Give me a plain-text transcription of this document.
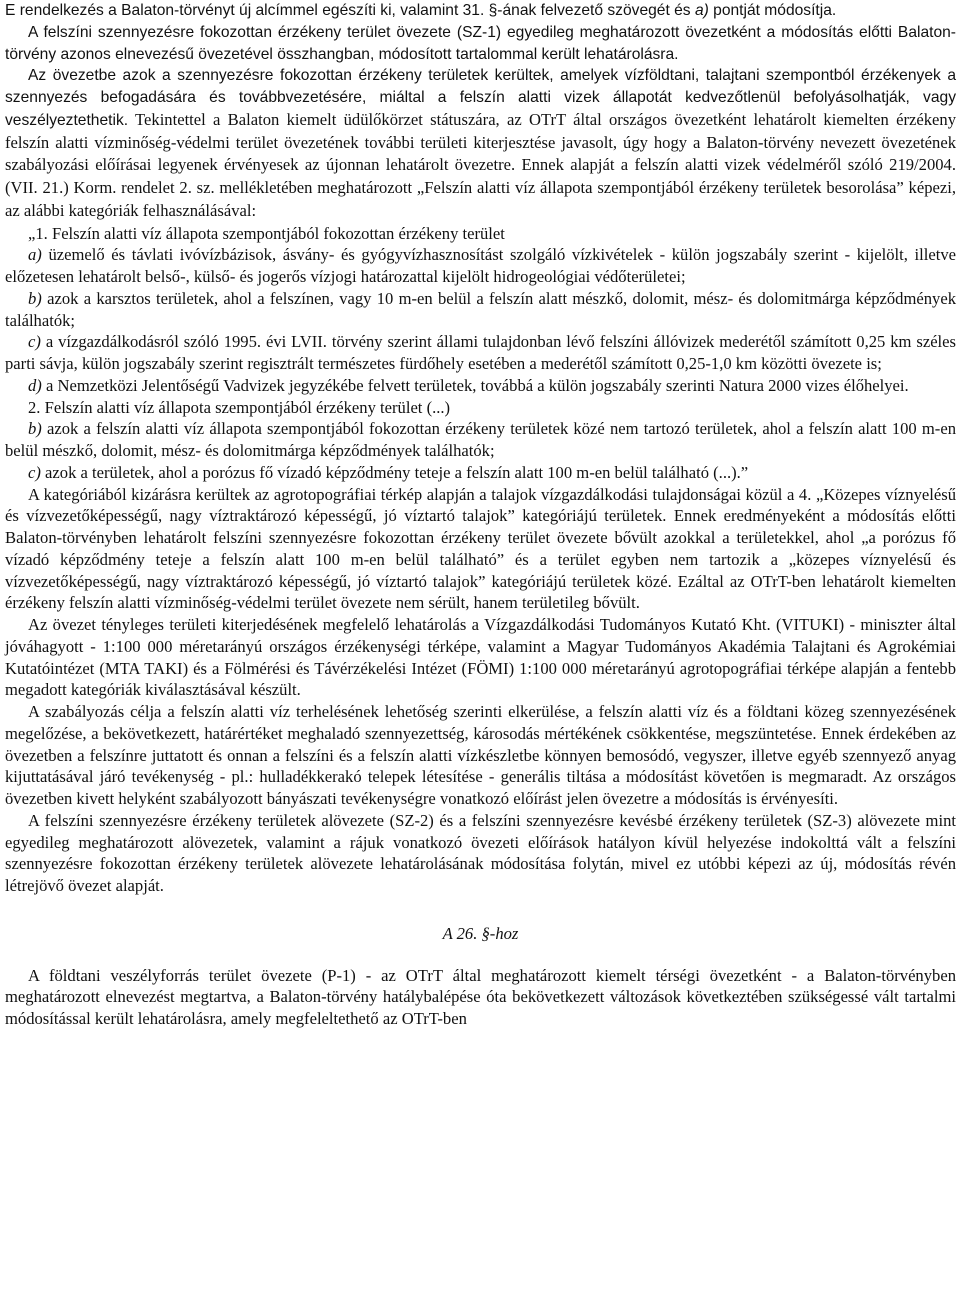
E rendelkezés a Balaton-törvényt új alcímmel egészíti ki, valamint 31. §-ának felvezető szövegét és a) pontját módosítja.

A felszíni szennyezésre fokozottan érzékeny terület övezete (SZ-1) egyedileg meghatározott övezetként a módosítás előtti Balaton-törvény azonos elnevezésű övezetével összhangban, módosított tartalommal került lehatárolásra.

Az övezetbe azok a szennyezésre fokozottan érzékeny területek kerültek, amelyek vízföldtani, talajtani szempontból érzékenyek a szennyezés befogadására és továbbvezetésére, miáltal a felszín alatti vizek állapotát kedvezőtlenül befolyásolhatják, vagy veszélyeztethetik. Tekintettel a Balaton kiemelt üdülőkörzet státuszára, az OTrT által országos övezetként lehatárolt kiemelten érzékeny felszín alatti vízminőség-védelmi terület övezetének további területi kiterjesztése javasolt, úgy hogy a Balaton-törvény nevezett övezetének szabályozási előírásai legyenek érvényesek az újonnan lehatárolt övezetre. Ennek alapját a felszín alatti vizek védelméről szóló 219/2004. (VII. 21.) Korm. rendelet 2. sz. mellékletében meghatározott „Felszín alatti víz állapota szempontjából érzékeny területek besorolása” képezi, az alábbi kategóriák felhasználásával:

„1. Felszín alatti víz állapota szempontjából fokozottan érzékeny terület

a) üzemelő és távlati ivóvízbázisok, ásvány- és gyógyvízhasznosítást szolgáló vízkivételek - külön jogszabály szerint - kijelölt, illetve előzetesen lehatárolt belső-, külső- és jogerős vízjogi határozattal kijelölt hidrogeológiai védőterületei;

b) azok a karsztos területek, ahol a felszínen, vagy 10 m-en belül a felszín alatt mészkő, dolomit, mész- és dolomitmárga képződmények találhatók;

c) a vízgazdálkodásról szóló 1995. évi LVII. törvény szerint állami tulajdonban lévő felszíni állóvizek mederétől számított 0,25 km széles parti sávja, külön jogszabály szerint regisztrált természetes fürdőhely esetében a mederétől számított 0,25-1,0 km közötti övezete is;

d) a Nemzetközi Jelentőségű Vadvizek jegyzékébe felvett területek, továbbá a külön jogszabály szerinti Natura 2000 vizes élőhelyei.

2. Felszín alatti víz állapota szempontjából érzékeny terület (...)

b) azok a felszín alatti víz állapota szempontjából fokozottan érzékeny területek közé nem tartozó területek, ahol a felszín alatt 100 m-en belül mészkő, dolomit, mész- és dolomitmárga képződmények találhatók;

c) azok a területek, ahol a porózus fő vízadó képződmény teteje a felszín alatt 100 m-en belül található (...).”

A kategóriából kizárásra kerültek az agrotopográfiai térkép alapján a talajok vízgazdálkodási tulajdonságai közül a 4. „Közepes víznyelésű és vízvezetőképességű, nagy víztraktározó képességű, jó víztartó talajok” kategóriájú területek. Ennek eredményeként a módosítás előtti Balaton-törvényben lehatárolt felszíni szennyezésre fokozottan érzékeny terület övezete bővült azokkal a területekkel, ahol „a porózus fő vízadó képződmény teteje a felszín alatt 100 m-en belül található” és a terület egyben nem tartozik a „közepes víznyelésű és vízvezetőképességű, nagy víztraktározó képességű, jó víztartó talajok” kategóriájú területek közé. Ezáltal az OTrT-ben lehatárolt kiemelten érzékeny felszín alatti vízminőség-védelmi terület övezete nem sérült, hanem területileg bővült.

Az övezet tényleges területi kiterjedésének megfelelő lehatárolás a Vízgazdálkodási Tudományos Kutató Kht. (VITUKI) - miniszter által jóváhagyott - 1:100 000 méretarányú országos érzékenységi térképe, valamint a Magyar Tudományos Akadémia Talajtani és Agrokémiai Kutatóintézet (MTA TAKI) és a Fölmérési és Távérzékelési Intézet (FÖMI) 1:100 000 méretarányú agrotopográfiai térképe alapján a fentebb megadott kategóriák kiválasztásával készült.

A szabályozás célja a felszín alatti víz terhelésének lehetőség szerinti elkerülése, a felszín alatti víz és a földtani közeg szennyezésének megelőzése, a bekövetkezett, határértéket meghaladó szennyezettség, károsodás mértékének csökkentése, megszüntetése. Ennek érdekében az övezetben a felszínre juttatott és onnan a felszíni és a felszín alatti vízkészletbe könnyen bemosódó, vegyszer, illetve egyéb szennyező anyag kijuttatásával járó tevékenység - pl.: hulladékkerakó telepek létesítése - generális tiltása a módosítást követően is megmaradt. Az országos övezetben kivett helyként szabályozott bányászati tevékenységre vonatkozó előírást jelen övezetre a módosítás is érvényesíti.

A felszíni szennyezésre érzékeny területek alövezete (SZ-2) és a felszíni szennyezésre kevésbé érzékeny területek (SZ-3) alövezete mint egyedileg meghatározott alövezetek, valamint a rájuk vonatkozó övezeti előírások hatályon kívül helyezése indokolttá vált a felszíni szennyezésre fokozottan érzékeny területek alövezete lehatárolásának módosítása folytán, mivel ez utóbbi képezi az új, módosítás révén létrejövő övezet alapját.

A 26. §-hoz

A földtani veszélyforrás terület övezete (P-1) - az OTrT által meghatározott kiemelt térségi övezetként - a Balaton-törvényben meghatározott elnevezést megtartva, a Balaton-törvény hatálybalépése óta bekövetkezett változások következtében szükségessé vált tartalmi módosítással került lehatárolásra, amely megfeleltethető az OTrT-ben
